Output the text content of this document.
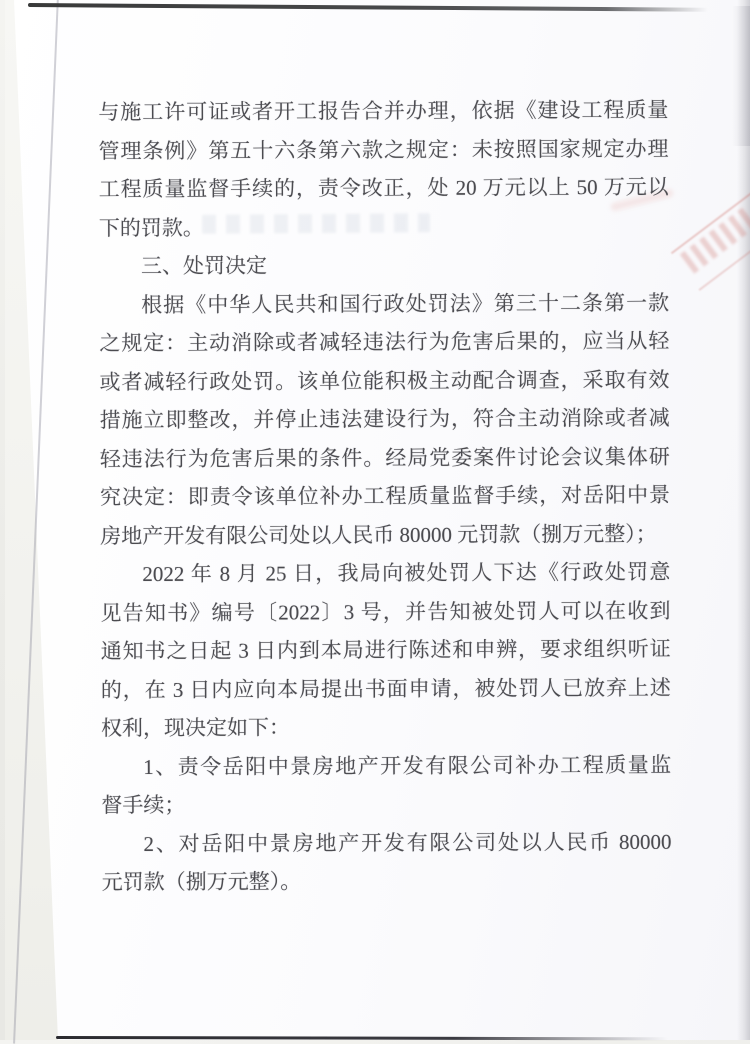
与施工许可证或者开工报告合并办理，依据《建设工程质量
管理条例》第五十六条第六款之规定：未按照国家规定办理
工程质量监督手续的，责令改正，处 20 万元以上 50 万元以
下的罚款。
三、处罚决定
根据《中华人民共和国行政处罚法》第三十二条第一款
之规定：主动消除或者减轻违法行为危害后果的，应当从轻
或者减轻行政处罚。该单位能积极主动配合调查，采取有效
措施立即整改，并停止违法建设行为，符合主动消除或者减
轻违法行为危害后果的条件。经局党委案件讨论会议集体研
究决定：即责令该单位补办工程质量监督手续，对岳阳中景
房地产开发有限公司处以人民币 80000 元罚款（捌万元整）；
2022 年 8 月 25 日，我局向被处罚人下达《行政处罚意
见告知书》编号〔2022〕3 号，并告知被处罚人可以在收到
通知书之日起 3 日内到本局进行陈述和申辨，要求组织听证
的，在 3 日内应向本局提出书面申请，被处罚人已放弃上述
权利，现决定如下：
1、责令岳阳中景房地产开发有限公司补办工程质量监
督手续；
2、对岳阳中景房地产开发有限公司处以人民币 80000
元罚款（捌万元整）。
